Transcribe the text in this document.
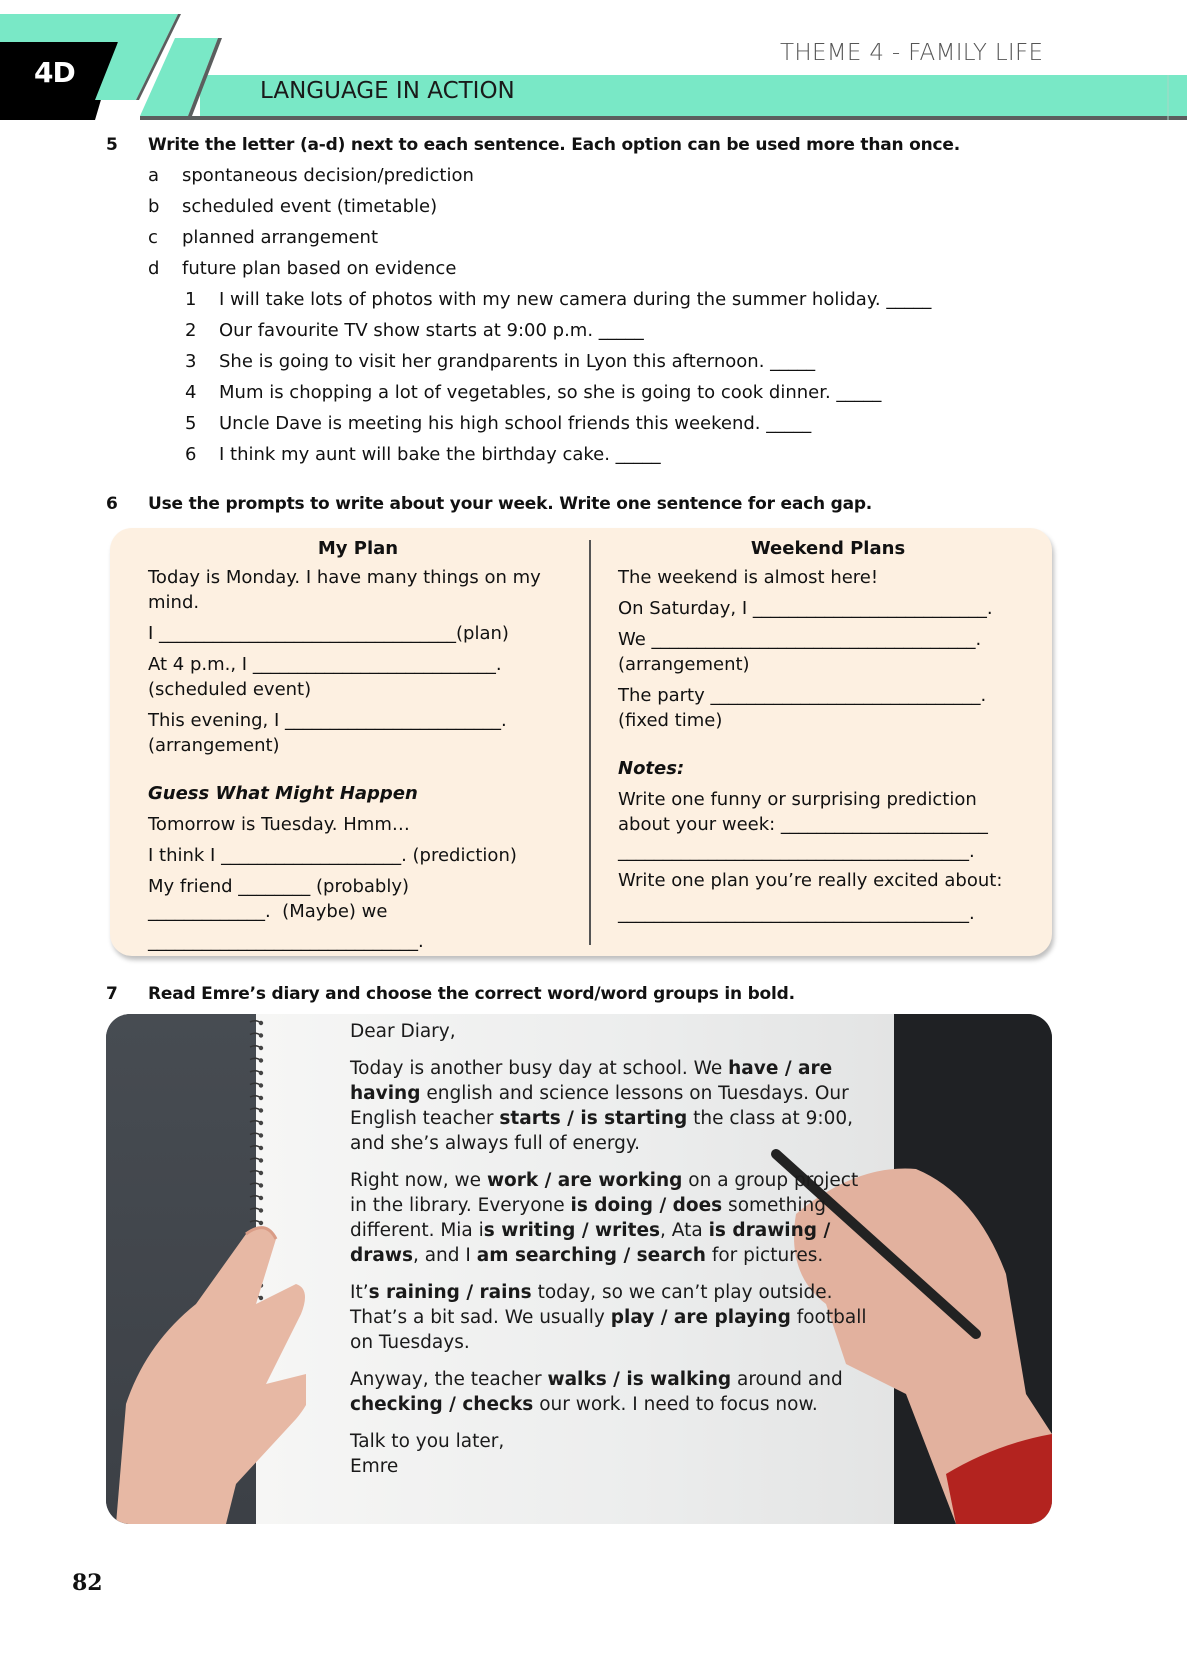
4D
THEME 4 - FAMILY LIFE
LANGUAGE IN ACTION
5 Write the letter (a-d) next to each sentence. Each option can be used more than once.
a spontaneous decision/prediction
b scheduled event (timetable)
c planned arrangement
d future plan based on evidence
1 I will take lots of photos with my new camera during the summer holiday. _____
2 Our favourite TV show starts at 9:00 p.m. _____
3 She is going to visit her grandparents in Lyon this afternoon. _____
4 Mum is chopping a lot of vegetables, so she is going to cook dinner. _____
5 Uncle Dave is meeting his high school friends this weekend. _____
6 I think my aunt will bake the birthday cake. _____
6 Use the prompts to write about your week. Write one sentence for each gap.
My Plan	Weekend Plans
Today is Monday. I have many things on my
mind.
I _________________________________(plan)
At 4 p.m., I ___________________________.
(scheduled event)
This evening, I ________________________.
(arrangement)
Guess What Might Happen
Tomorrow is Tuesday. Hmm…
I think I ____________________. (prediction)
My friend ________ (probably)
_____________.  (Maybe) we
______________________________.
The weekend is almost here!
On Saturday, I __________________________.
We ____________________________________.
(arrangement)
The party ______________________________.
(fixed time)
Notes:
Write one funny or surprising prediction
about your week: _______________________
_______________________________________.
Write one plan you’re really excited about:
_______________________________________.
7 Read Emre’s diary and choose the correct word/word groups in bold.

Dear Diary,

Today is another busy day at school. We have / are having english and science lessons on Tuesdays. Our English teacher starts / is starting the class at 9:00, and she’s always full of energy.

Right now, we work / are working on a group project in the library. Everyone is doing / does something different. Mia is writing / writes, Ata is drawing / draws, and I am searching / search for pictures.

It’s raining / rains today, so we can’t play outside. That’s a bit sad. We usually play / are playing football on Tuesdays.

Anyway, the teacher walks / is walking around and checking / checks our work. I need to focus now.

Talk to you later,

Emre

82
